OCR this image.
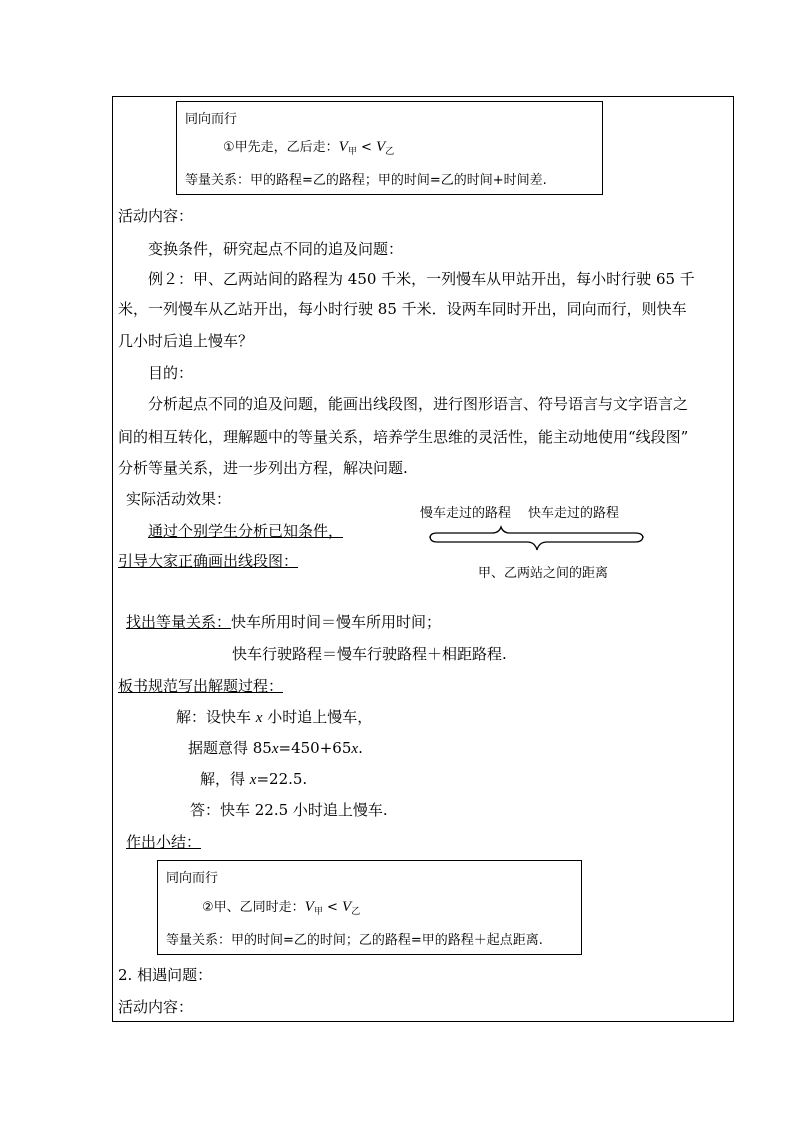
同向而行
①甲先走，乙后走：$V_甲 < V_乙$
等量关系：甲的路程=乙的路程；甲的时间=乙的时间+时间差.
活动内容：
变换条件，研究起点不同的追及问题：
例２：甲、乙两站间的路程为 450 千米，一列慢车从甲站开出，每小时行驶 65 千
米，一列慢车从乙站开出，每小时行驶 85 千米．设两车同时开出，同向而行，则快车
几小时后追上慢车？
目的：
分析起点不同的追及问题，能画出线段图，进行图形语言、符号语言与文字语言之
间的相互转化，理解题中的等量关系，培养学生思维的灵活性，能主动地使用“线段图”
分析等量关系，进一步列出方程，解决问题.
实际活动效果：
通过个别学生分析已知条件，
引导大家正确画出线段图：
慢车走过的路程 快车走过的路程
甲、乙两站之间的距离
找出等量关系：快车所用时间＝慢车所用时间；
快车行驶路程＝慢车行驶路程＋相距路程.
板书规范写出解题过程：
解：设快车 x 小时追上慢车，
据题意得 85x=450+65x.
解，得 x=22.5.
答：快车 22.5 小时追上慢车.
作出小结：
同向而行
②甲、乙同时走：$V_甲 < V_乙$
等量关系：甲的时间=乙的时间；乙的路程=甲的路程＋起点距离.
2. 相遇问题：
活动内容：
